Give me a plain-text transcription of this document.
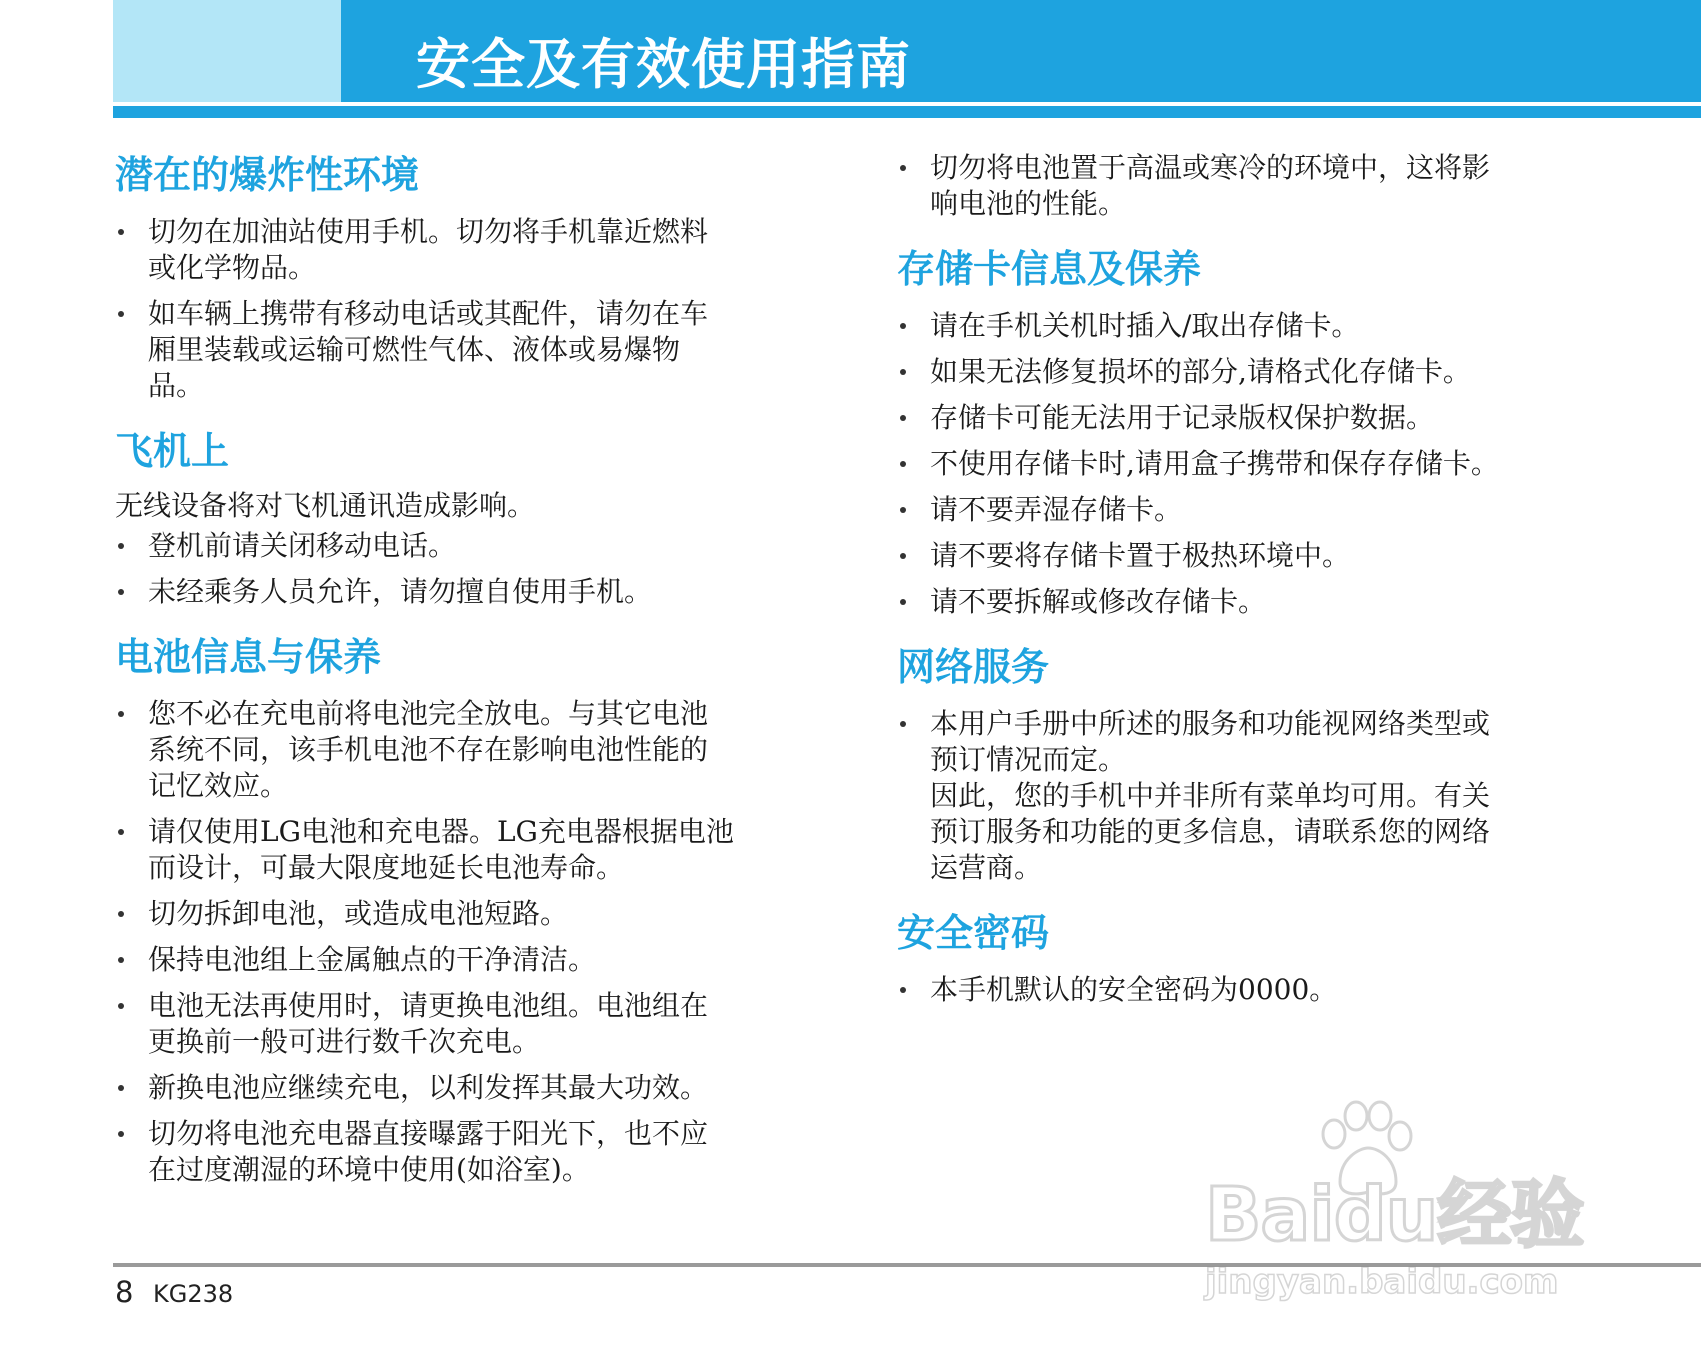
安全及有效使用指南
潜在的爆炸性环境
切勿在加油站使用手机。切勿将手机靠近燃料
或化学物品。
如车辆上携带有移动电话或其配件，请勿在车
厢里装载或运输可燃性气体、液体或易爆物
品。
飞机上

无线设备将对飞机通讯造成影响。

登机前请关闭移动电话。
未经乘务人员允许，请勿擅自使用手机。
电池信息与保养
您不必在充电前将电池完全放电。与其它电池
系统不同，该手机电池不存在影响电池性能的
记忆效应。
请仅使用LG电池和充电器。LG充电器根据电池
而设计，可最大限度地延长电池寿命。
切勿拆卸电池，或造成电池短路。
保持电池组上金属触点的干净清洁。
电池无法再使用时，请更换电池组。电池组在
更换前一般可进行数千次充电。
新换电池应继续充电，以利发挥其最大功效。
切勿将电池充电器直接曝露于阳光下，也不应
在过度潮湿的环境中使用(如浴室)。
切勿将电池置于高温或寒冷的环境中，这将影
响电池的性能。
存储卡信息及保养
请在手机关机时插入/取出存储卡。
如果无法修复损坏的部分,请格式化存储卡。
存储卡可能无法用于记录版权保护数据。
不使用存储卡时,请用盒子携带和保存存储卡。
请不要弄湿存储卡。
请不要将存储卡置于极热环境中。
请不要拆解或修改存储卡。
网络服务
本用户手册中所述的服务和功能视网络类型或
预订情况而定。
因此，您的手机中并非所有菜单均可用。有关
预订服务和功能的更多信息，请联系您的网络
运营商。
安全密码
本手机默认的安全密码为0000。
8 KG238
Baidu经验
jingyan.baidu.com
